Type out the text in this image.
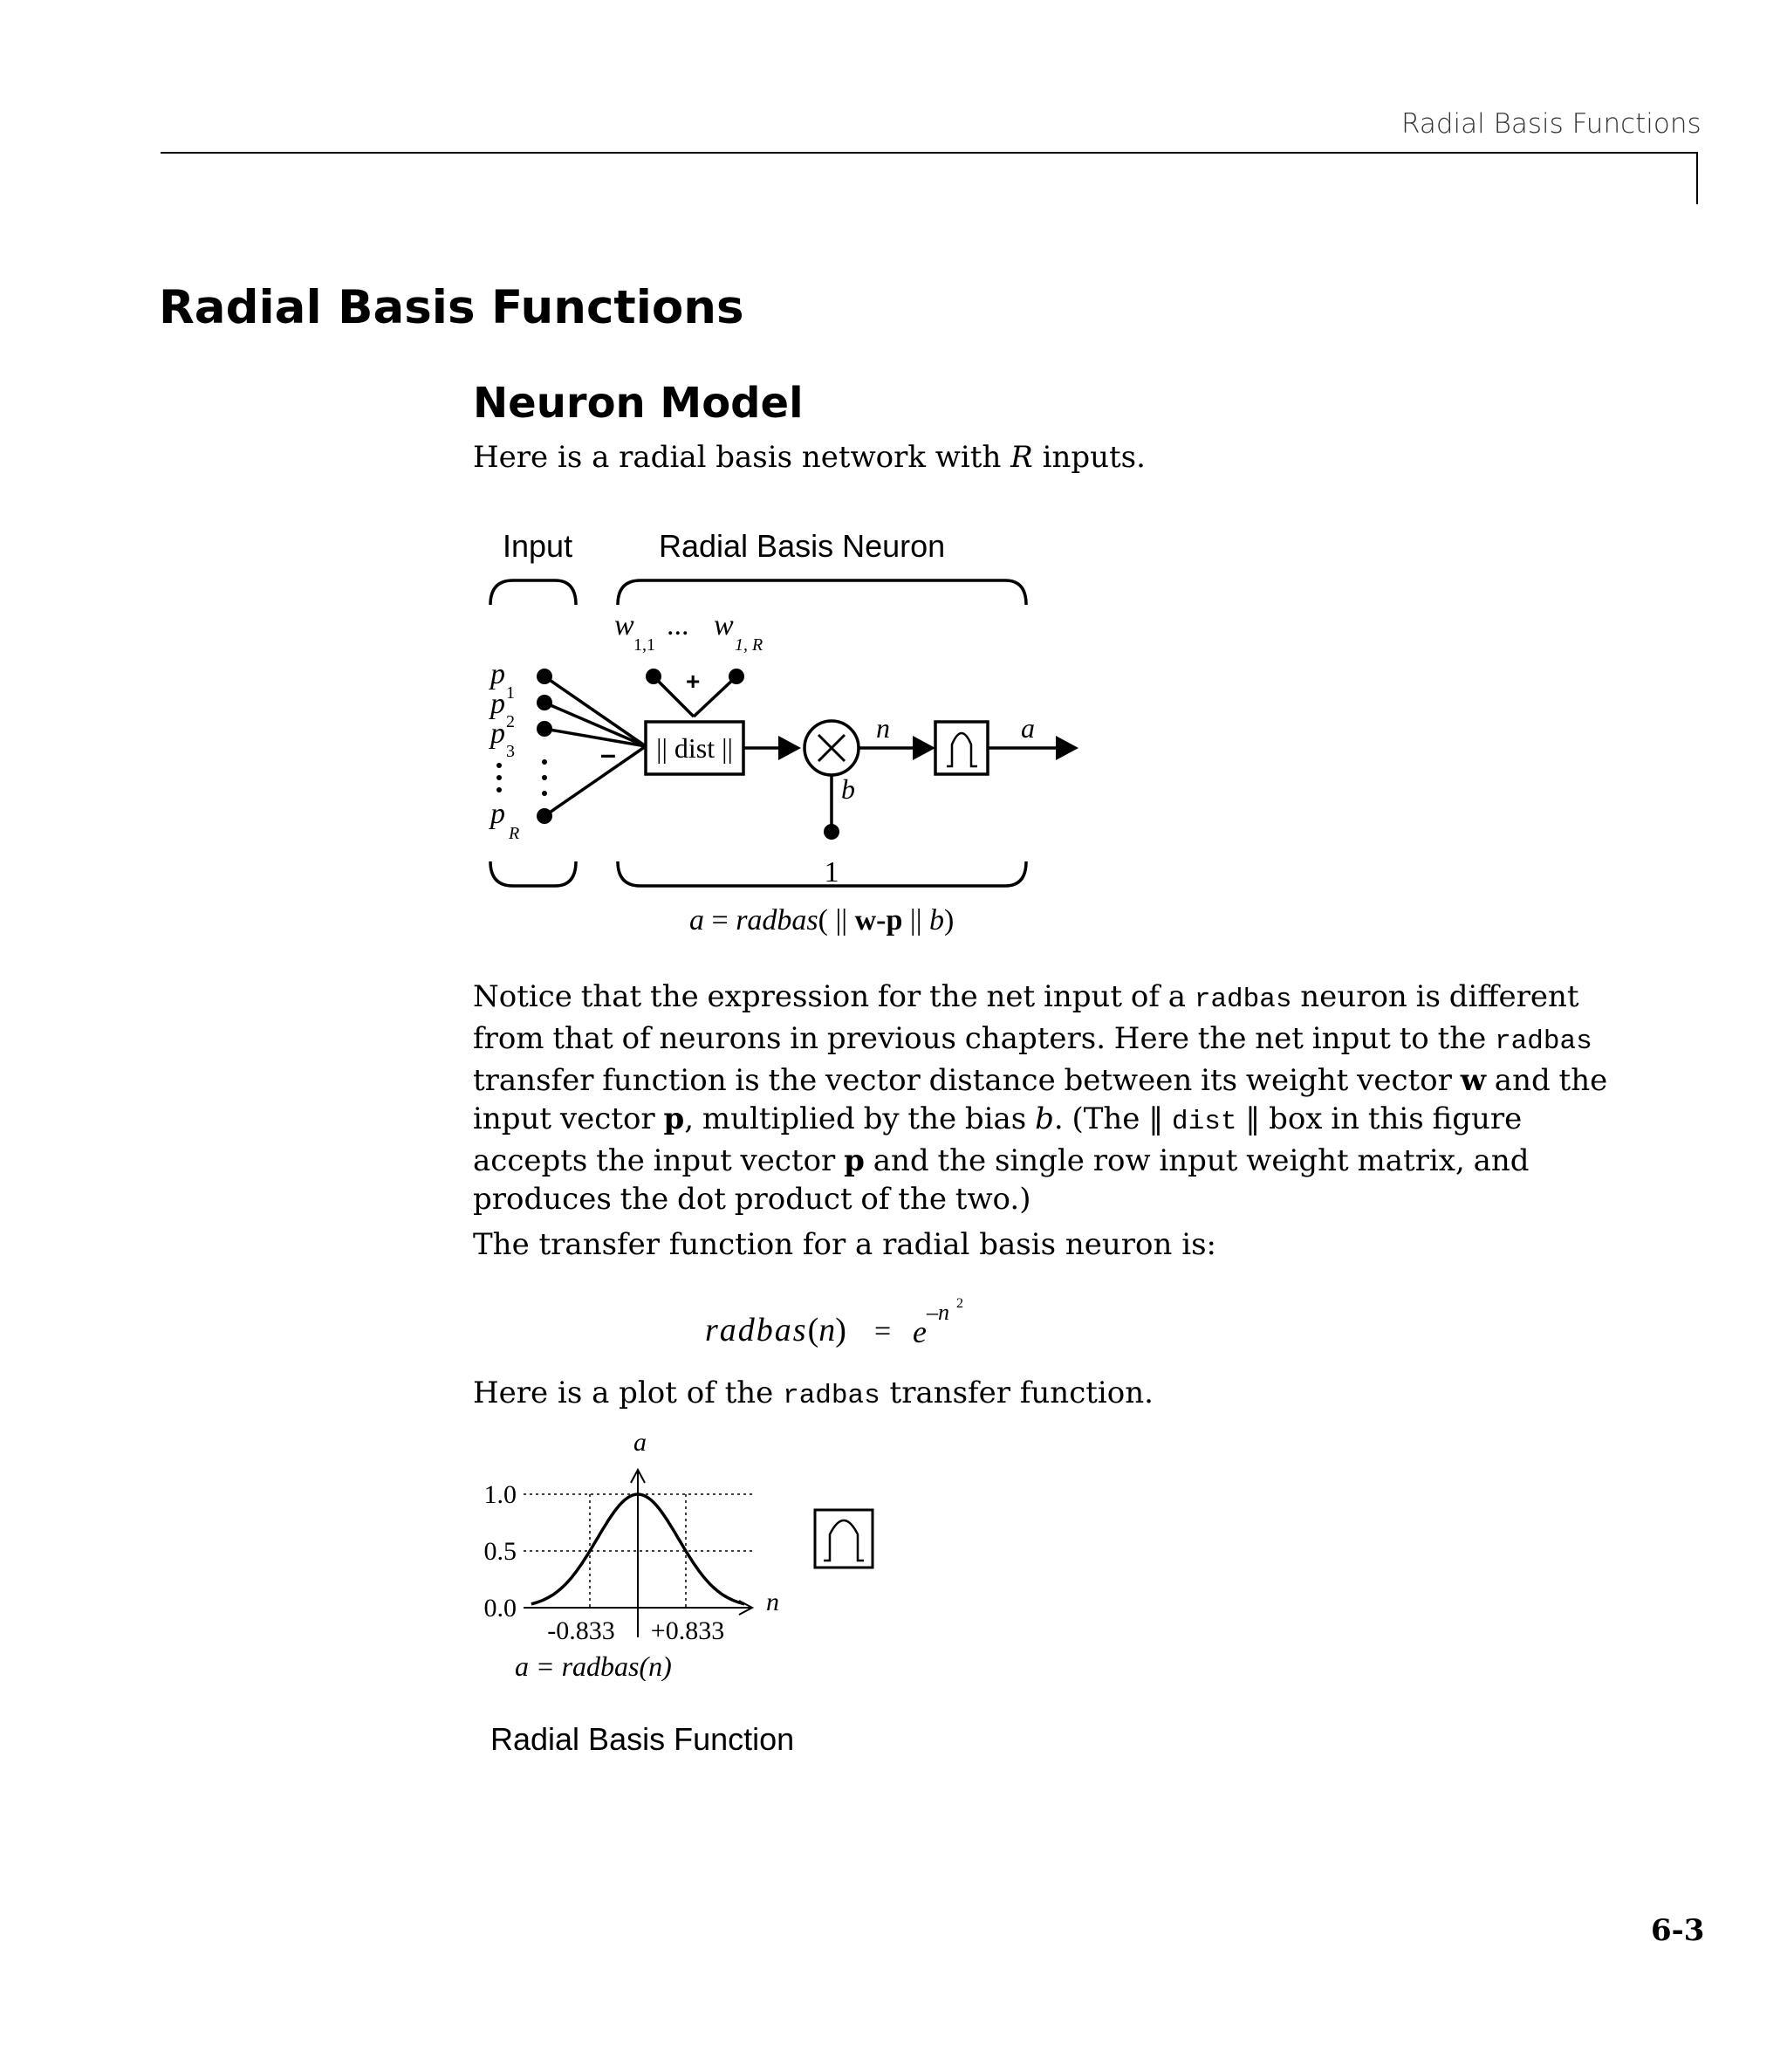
Radial Basis Functions
Radial Basis Functions
Neuron Model
Here is a radial basis network with R inputs.
Input	Radial Basis Neuron
w
1,1
... w
1, R
+
p
1
p
2
p
3
p
R
– || dist ||
b
n	a
1
a = radbas( || w-p || b)
Notice that the expression for the net input of a radbas neuron is different from that of neurons in previous chapters. Here the net input to the radbas transfer function is the vector distance between its weight vector w and the input vector p, multiplied by the bias b. (The ‖ dist ‖ box in this figure accepts the input vector p and the single row input weight matrix, and produces the dot product of the two.)
The transfer function for a radial basis neuron is:
radbas(n) = e
–n 2
Here is a plot of the radbas transfer function.
a
n
1.0
0.5
0.0
-0.833 +0.833
a = radbas(n)
Radial Basis Function
6-3
